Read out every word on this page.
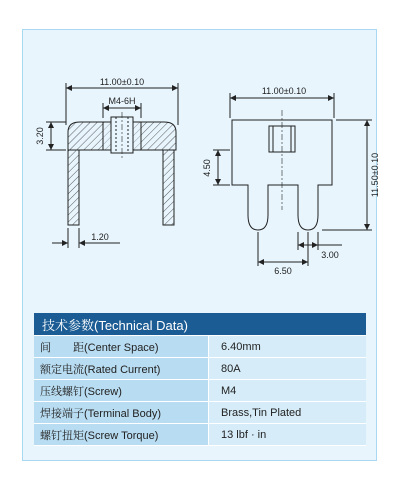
11.00±0.10
M4-6H
3.20
1.20
11.00±0.10
4.50	11.50±0.10
3.00
6.50
技术参数(Technical Data)	
间　　距(Center Space)	6.40mm
额定电流(Rated Current)	80A
压线螺钉(Screw)	M4
焊接端子(Terminal Body)	Brass,Tin Plated
螺钉扭矩(Screw Torque)	13 lbf · in
